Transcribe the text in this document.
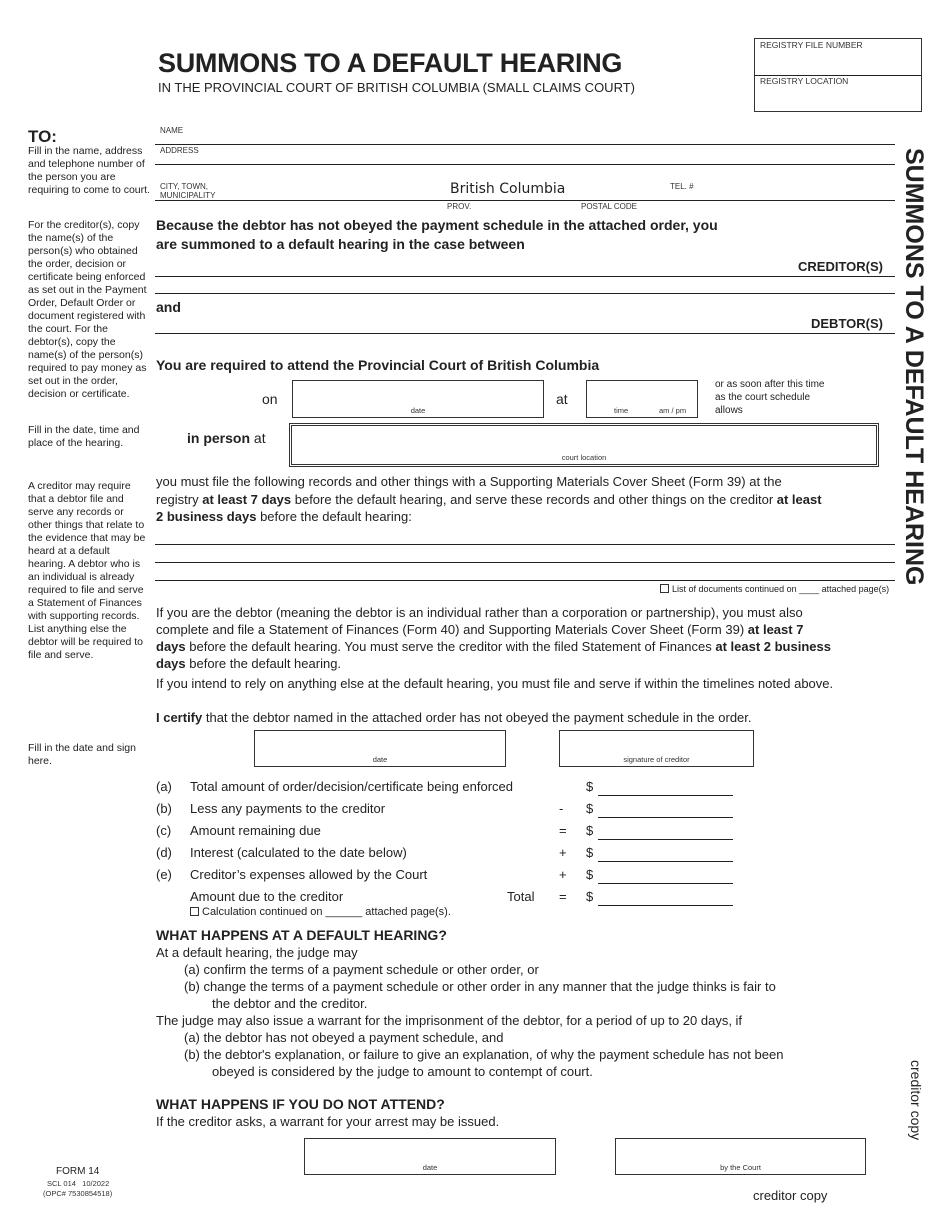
SUMMONS TO A DEFAULT HEARING
IN THE PROVINCIAL COURT OF BRITISH COLUMBIA (SMALL CLAIMS COURT)
REGISTRY FILE NUMBER
REGISTRY LOCATION
SUMMONS TO A DEFAULT HEARING
creditor copy
TO:
Fill in the name, address and telephone number of the person you are requiring to come to court.
For the creditor(s), copy the name(s) of the person(s) who obtained the order, decision or certificate being enforced as set out in the Payment Order, Default Order or document registered with the court. For the debtor(s), copy the name(s) of the person(s) required to pay money as set out in the order, decision or certificate.
Fill in the date, time and place of the hearing.
A creditor may require that a debtor file and serve any records or other things that relate to the evidence that may be heard at a default hearing. A debtor who is an individual is already required to file and serve a Statement of Finances with supporting records. List anything else the debtor will be required to file and serve.
Fill in the date and sign here.
NAME
ADDRESS
CITY, TOWN, MUNICIPALITY	British Columbia	TEL. #
PROV.	POSTAL CODE
Because the debtor has not obeyed the payment schedule in the attached order, you
are summoned to a default hearing in the case between
CREDITOR(S)
and
DEBTOR(S)
You are required to attend the Provincial Court of British Columbia
on
date
at
time	am / pm
or as soon after this time as the court schedule allows
in person at
court location
you must file the following records and other things with a Supporting Materials Cover Sheet (Form 39) at the
registry at least 7 days before the default hearing, and serve these records and other things on the creditor at least
2 business days before the default hearing:
List of documents continued on ____ attached page(s)
If you are the debtor (meaning the debtor is an individual rather than a corporation or partnership), you must also
complete and file a Statement of Finances (Form 40) and Supporting Materials Cover Sheet (Form 39) at least 7
days before the default hearing. You must serve the creditor with the filed Statement of Finances at least 2 business
days before the default hearing.
If you intend to rely on anything else at the default hearing, you must file and serve if within the timelines noted above.
I certify that the debtor named in the attached order has not obeyed the payment schedule in the order.
date	signature of creditor
(a) Total amount of order/decision/certificate being enforced	$
(b) Less any payments to the creditor	- $
(c) Amount remaining due	= $
(d) Interest (calculated to the date below)	+ $
(e) Creditor’s expenses allowed by the Court	+ $
Amount due to the creditor	Total = $
Calculation continued on ______ attached page(s).
WHAT HAPPENS AT A DEFAULT HEARING?
At a default hearing, the judge may
(a) confirm the terms of a payment schedule or other order, or
(b) change the terms of a payment schedule or other order in any manner that the judge thinks is fair to
the debtor and the creditor.
The judge may also issue a warrant for the imprisonment of the debtor, for a period of up to 20 days, if
(a) the debtor has not obeyed a payment schedule, and
(b) the debtor's explanation, or failure to give an explanation, of why the payment schedule has not been
obeyed is considered by the judge to amount to contempt of court.
WHAT HAPPENS IF YOU DO NOT ATTEND?
If the creditor asks, a warrant for your arrest may be issued.
FORM 14
SCL 014   10/2022
(OPC# 7530854518)
date	by the Court
creditor copy
